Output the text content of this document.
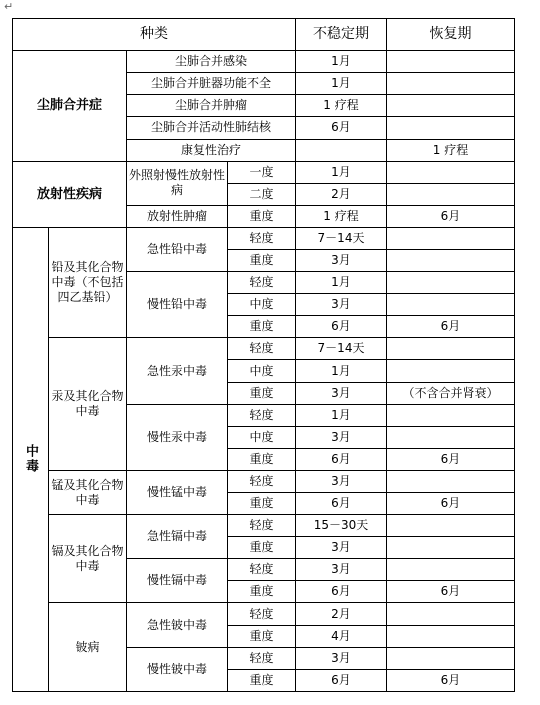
↵
种类				不稳定期	恢复期
尘肺合并症		尘肺合并感染		1月	
		尘肺合并脏器功能不全		1月	
		尘肺合并肿瘤		1 疗程	
		尘肺合并活动性肺结核		6月	
		康复性治疗			1 疗程
放射性疾病		外照射慢性放射性病	一度	1月	
			二度	2月	
		放射性肿瘤	重度	1 疗程	6月
中毒	铅及其化合物中毒（不包括四乙基铅）	急性铅中毒	轻度	7－14天	
			重度	3月	
		慢性铅中毒	轻度	1月	
			中度	3月	
			重度	6月	6月
	汞及其化合物中毒	急性汞中毒	轻度	7－14天	
			中度	1月	
			重度	3月	（不含合并肾衰）
		慢性汞中毒	轻度	1月	
			中度	3月	
			重度	6月	6月
	锰及其化合物中毒	慢性锰中毒	轻度	3月	
			重度	6月	6月
	镉及其化合物中毒	急性镉中毒	轻度	15－30天	
			重度	3月	
		慢性镉中毒	轻度	3月	
			重度	6月	6月
	铍病	急性铍中毒	轻度	2月	
			重度	4月	
		慢性铍中毒	轻度	3月	
			重度	6月	6月
